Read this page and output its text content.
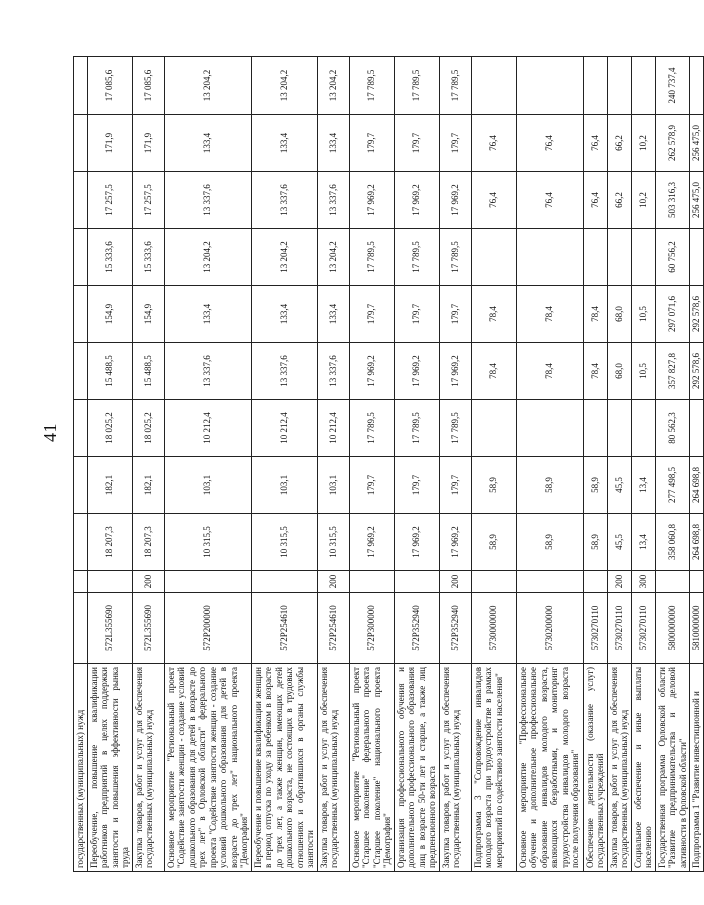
41
государственных (муниципальных) нужд											
Переобучение, повышение квалификации работников предприятий в целях поддержки занятости и повышения эффективности рынка труда	572L355690		18 207,3	182,1	18 025,2	15 488,5	154,9	15 333,6	17 257,5	171,9	17 085,6
Закупка товаров, работ и услуг для обеспечения государственных (муниципальных) нужд	572L355690	200	18 207,3	182,1	18 025,2	15 488,5	154,9	15 333,6	17 257,5	171,9	17 085,6
Основное мероприятие "Региональный проект "Содействие занятости женщин - создание условий дошкольного образования для детей в возрасте до трех лет" в Орловской области" федерального проекта "Содействие занятости женщин - создание условий дошкольного образования для детей в возрасте до трех лет" национального проекта "Демография"	572P200000		10 315,5	103,1	10 212,4	13 337,6	133,4	13 204,2	13 337,6	133,4	13 204,2
Переобучение и повышение квалификации женщин в период отпуска по уходу за ребенком в возрасте до трех лет, а также женщин, имеющих детей дошкольного возраста, не состоящих в трудовых отношениях и обратившихся в органы службы занятости	572P254610		10 315,5	103,1	10 212,4	13 337,6	133,4	13 204,2	13 337,6	133,4	13 204,2
Закупка товаров, работ и услуг для обеспечения государственных (муниципальных) нужд	572P254610	200	10 315,5	103,1	10 212,4	13 337,6	133,4	13 204,2	13 337,6	133,4	13 204,2
Основное мероприятие "Региональный проект "Старшее поколение" федерального проекта "Старшее поколение" национального проекта "Демография"	572P300000		17 969,2	179,7	17 789,5	17 969,2	179,7	17 789,5	17 969,2	179,7	17 789,5
Организация профессионального обучения и дополнительного профессионального образования лиц в возрасте 50-ти лет и старше, а также лиц предпенсионного возраста	572P352940		17 969,2	179,7	17 789,5	17 969,2	179,7	17 789,5	17 969,2	179,7	17 789,5
Закупка товаров, работ и услуг для обеспечения государственных (муниципальных) нужд	572P352940	200	17 969,2	179,7	17 789,5	17 969,2	179,7	17 789,5	17 969,2	179,7	17 789,5
Подпрограмма 3 "Сопровождение инвалидов молодого возраста при трудоустройстве в рамках мероприятий по содействию занятости населения"	5730000000		58,9	58,9		78,4	78,4		76,4	76,4	
Основное мероприятие "Профессиональное обучение и дополнительное профессиональное образование инвалидов молодого возраста, являющихся безработными, и мониторинг трудоустройства инвалидов молодого возраста после получения образования"	5730200000		58,9	58,9		78,4	78,4		76,4	76,4	
Обеспечение деятельности (оказание услуг) государственных учреждений	5730270110		58,9	58,9		78,4	78,4		76,4	76,4	
Закупка товаров, работ и услуг для обеспечения государственных (муниципальных) нужд	5730270110	200	45,5	45,5		68,0	68,0		66,2	66,2	
Социальное обеспечение и иные выплаты населению	5730270110	300	13,4	13,4		10,5	10,5		10,2	10,2	
Государственная программа Орловской области "Развитие предпринимательства и деловой активности в Орловской области"	5800000000		358 060,8	277 498,5	80 562,3	357 827,8	297 071,6	60 756,2	503 316,3	262 578,9	240 737,4
Подпрограмма 1 "Развитие инвестиционной и	5810000000		264 698,8	264 698,8		292 578,6	292 578,6		256 475,0	256 475,0	
